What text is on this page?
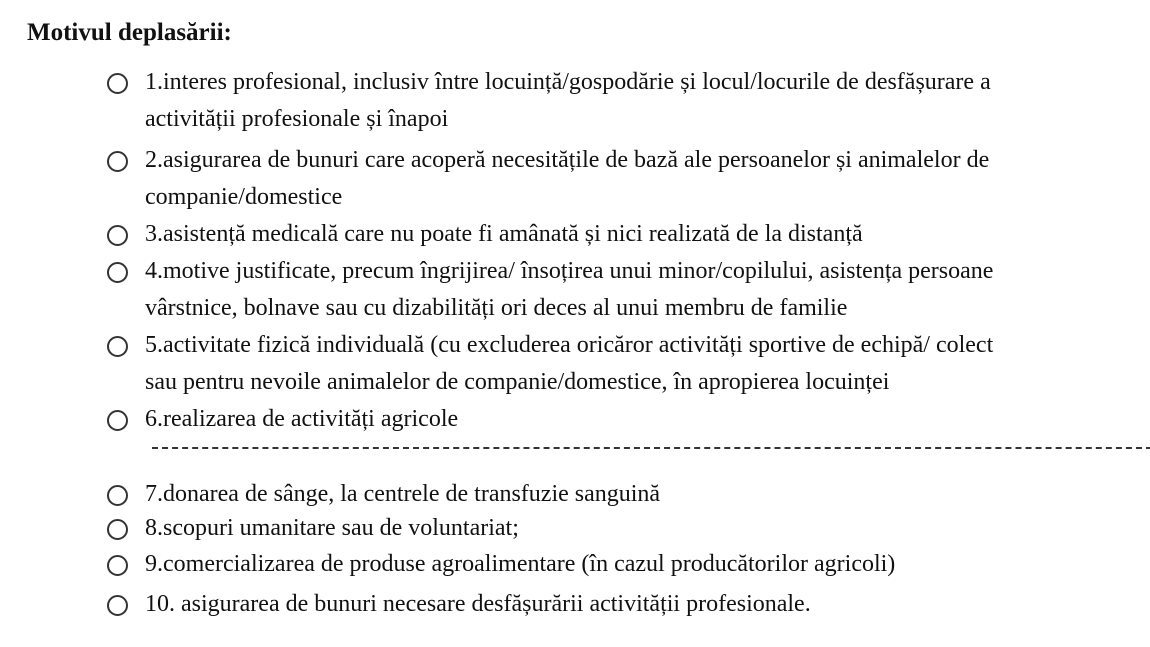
Motivul deplasării:
1.interes profesional, inclusiv între locuință/gospodărie și locul/locurile de desfășurare a
activității profesionale și înapoi
2.asigurarea de bunuri care acoperă necesitățile de bază ale persoanelor și animalelor de
companie/domestice
3.asistență medicală care nu poate fi amânată și nici realizată de la distanță
4.motive justificate, precum îngrijirea/ însoțirea unui minor/copilului, asistența persoane
vârstnice, bolnave sau cu dizabilități ori deces al unui membru de familie
5.activitate fizică individuală (cu excluderea oricăror activități sportive de echipă/ colect
sau pentru nevoile animalelor de companie/domestice, în apropierea locuinței
6.realizarea de activități agricole
7.donarea de sânge, la centrele de transfuzie sanguină
8.scopuri umanitare sau de voluntariat;
9.comercializarea de produse agroalimentare (în cazul producătorilor agricoli)
10. asigurarea de bunuri necesare desfășurării activității profesionale.
